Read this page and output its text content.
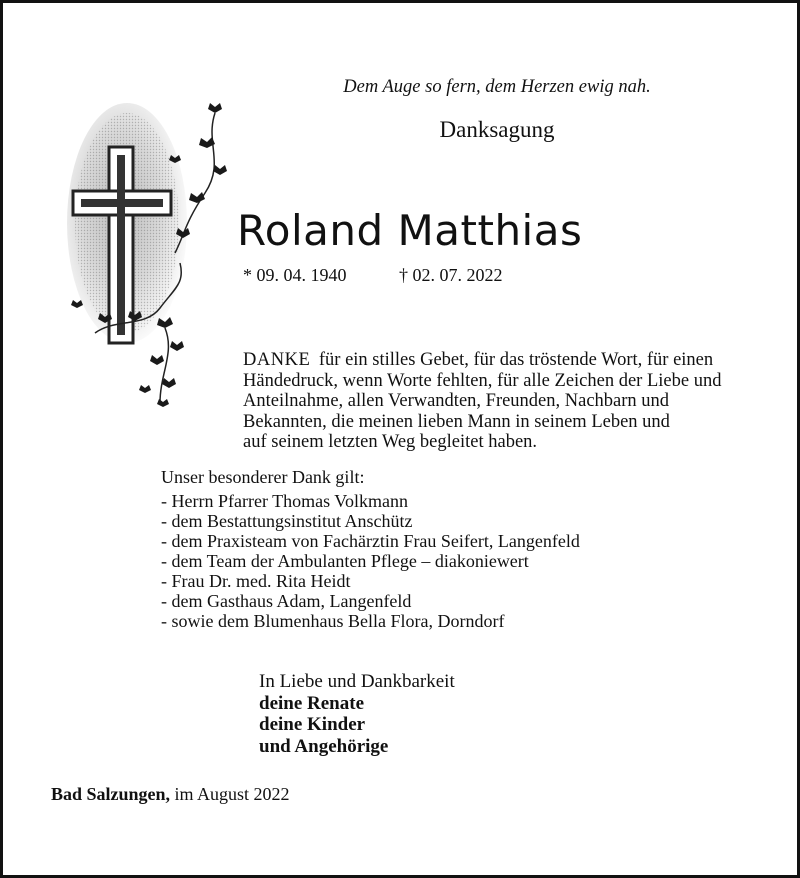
Dem Auge so fern, dem Herzen ewig nah.
Danksagung
Roland Matthias
* 09. 04. 1940	† 02. 07. 2022

DANKE für ein stilles Gebet, für das tröstende Wort, für einen

Händedruck, wenn Worte fehlten, für alle Zeichen der Liebe und

Anteilnahme, allen Verwandten, Freunden, Nachbarn und

Bekannten, die meinen lieben Mann in seinem Leben und

auf seinem letzten Weg begleitet haben.

Unser besonderer Dank gilt:
- Herrn Pfarrer Thomas Volkmann
- dem Bestattungsinstitut Anschütz
- dem Praxisteam von Fachärztin Frau Seifert, Langenfeld
- dem Team der Ambulanten Pflege – diakoniewert
- Frau Dr. med. Rita Heidt
- dem Gasthaus Adam, Langenfeld
- sowie dem Blumenhaus Bella Flora, Dorndorf
In Liebe und Dankbarkeit
deine Renate
deine Kinder
und Angehörige
Bad Salzungen, im August 2022
